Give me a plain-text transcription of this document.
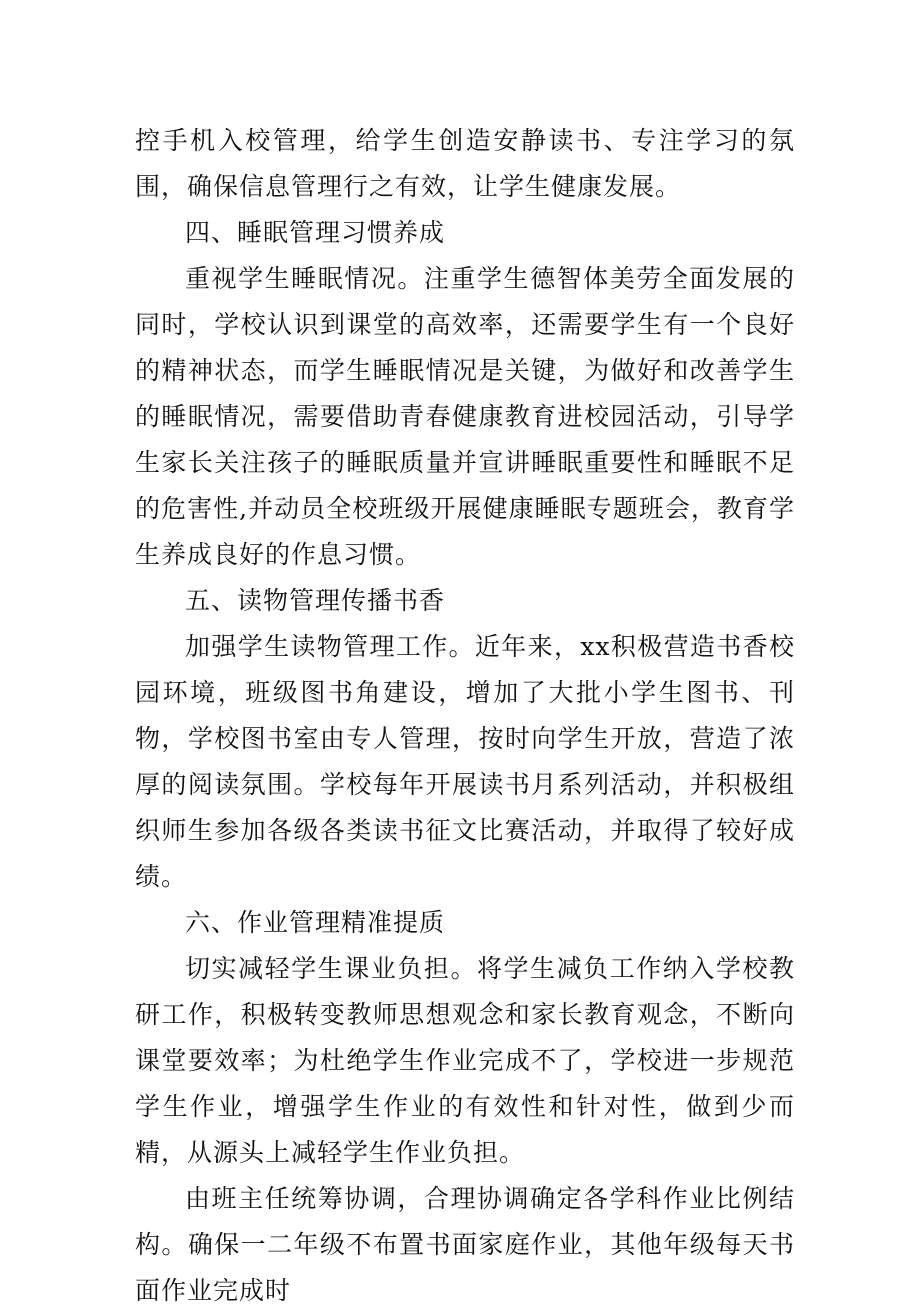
控手机入校管理，给学生创造安静读书、专注学习的氛围，确保信息管理行之有效，让学生健康发展。

四、睡眠管理习惯养成

重视学生睡眠情况。注重学生德智体美劳全面发展的同时，学校认识到课堂的高效率，还需要学生有一个良好的精神状态，而学生睡眠情况是关键，为做好和改善学生的睡眠情况，需要借助青春健康教育进校园活动，引导学生家长关注孩子的睡眠质量并宣讲睡眠重要性和睡眠不足的危害性,并动员全校班级开展健康睡眠专题班会，教育学生养成良好的作息习惯。

五、读物管理传播书香

加强学生读物管理工作。近年来，xx积极营造书香校园环境，班级图书角建设，增加了大批小学生图书、刊物，学校图书室由专人管理，按时向学生开放，营造了浓厚的阅读氛围。学校每年开展读书月系列活动，并积极组织师生参加各级各类读书征文比赛活动，并取得了较好成绩。

六、作业管理精准提质

切实减轻学生课业负担。将学生减负工作纳入学校教研工作，积极转变教师思想观念和家长教育观念，不断向课堂要效率；为杜绝学生作业完成不了，学校进一步规范学生作业，增强学生作业的有效性和针对性，做到少而精，从源头上减轻学生作业负担。

由班主任统筹协调，合理协调确定各学科作业比例结构。确保一二年级不布置书面家庭作业，其他年级每天书面作业完成时
